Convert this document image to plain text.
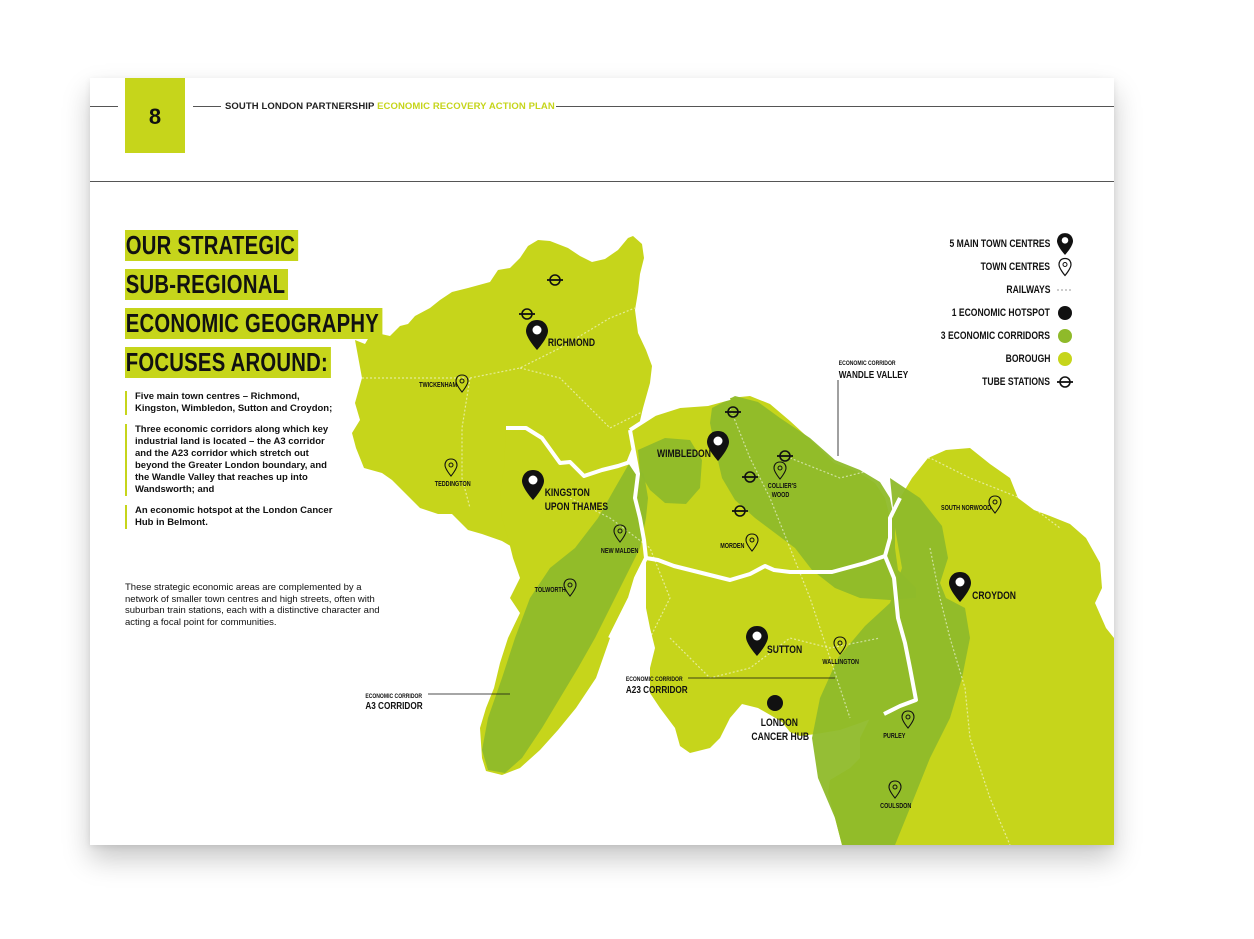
8	SOUTH LONDON PARTNERSHIP ECONOMIC RECOVERY ACTION PLAN
RICHMOND
WIMBLEDON
KINGSTON
UPON THAMES
SUTTON
CROYDON
TWICKENHAM
TEDDINGTON
NEW MALDEN
TOLWORTH
COLLIER'S
WOOD
MORDEN
WALLINGTON
SOUTH NORWOOD
PURLEY
COULSDON
LONDON
CANCER HUB
ECONOMIC CORRIDOR
WANDLE VALLEY
ECONOMIC CORRIDOR
A23 CORRIDOR
ECONOMIC CORRIDOR
A3 CORRIDOR
OUR STRATEGIC
SUB-REGIONAL
ECONOMIC GEOGRAPHY
FOCUSES AROUND:
Five main town centres – Richmond, Kingston, Wimbledon, Sutton and Croydon;
Three economic corridors along which key industrial land is located – the A3 corridor and the A23 corridor which stretch out beyond the Greater London boundary, and the Wandle Valley that reaches up into Wandsworth; and
An economic hotspot at the London Cancer Hub in Belmont.
These strategic economic areas are complemented by a network of smaller town centres and high streets, often with suburban train stations, each with a distinctive character and acting a focal point for communities.
5 MAIN TOWN CENTRES
TOWN CENTRES
RAILWAYS
1 ECONOMIC HOTSPOT
3 ECONOMIC CORRIDORS
BOROUGH
TUBE STATIONS
